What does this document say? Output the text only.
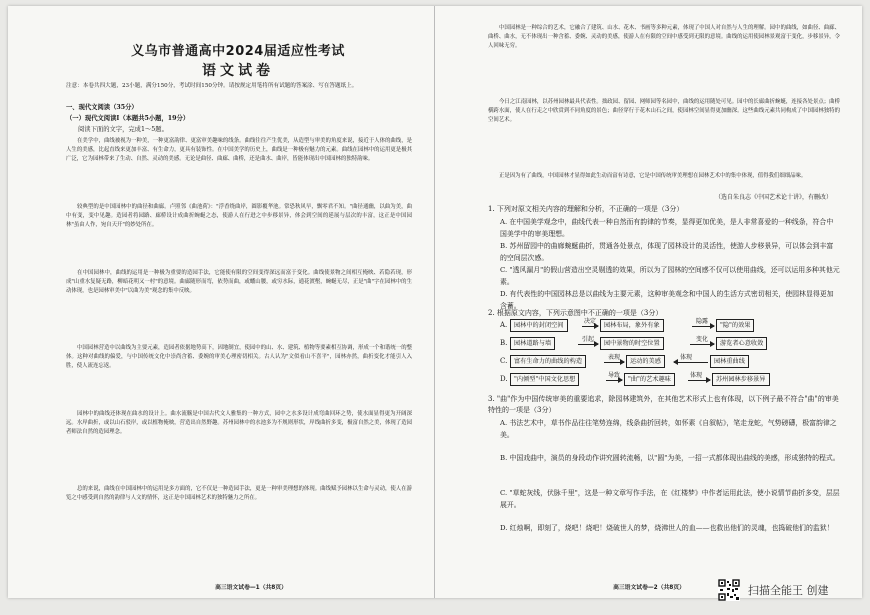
义乌市普通高中2024届适应性考试
语文试卷
注意：本卷共四大题，23小题，满分150分，考试时间150分钟。请按规定用笔将所有试题的答案涂、写在答题纸上。
一、现代文阅读（35分）
（一）现代文阅读Ⅰ（本题共5小题，19分）
阅读下面的文字，完成1～5题。
在美学中，曲线被视为一种美，一种更富韵律、更富审美趣味的线条。曲线往往产生优美，从造型与审美的角度来说，接近于人体的曲线，是人生的美感，比起直线来更加丰富、有生命力，更具有装饰性。在中国美学的历史上，曲线是一种极有魅力的元素。曲线在园林中的运用更是极其广泛，它为园林带来了生动、自然、灵动的美感。无论是曲径、曲廊、曲桥，还是曲水、曲岸，皆能体现出中国园林的独特韵味。
较典型的是中国园林中的曲径和曲廊。卢照邻《曲池荷》："浮香绕曲岸，圆影覆华池。常恐秋风早，飘零君不知。"曲径通幽，以曲为美，曲中有变，变中见趣。造园者将园路、廊桥设计成曲折蜿蜒之态，使游人在行进之中步移景异，体会到空间的延展与层次的丰富，这正是中国园林"虽由人作，宛自天开"的妙处所在。
在中国园林中，曲线的运用是一种极为重要的造园手法，它能使有限的空间变得深远而富于变化。曲线使景物之间相互掩映、若隐若现，形成"山重水复疑无路，柳暗花明又一村"的意境。曲廊随形而弯，依势而曲，或蟠山腰，或穷水际，通花渡壑，蜿蜒无尽，正是"曲"字在园林中的生动体现，也是园林审美中"以曲为美"观念的集中反映。
中国园林营造中以曲线为主要元素，造园者依据地势高下，因地制宜，使园中的山、水、建筑、植物等要素相互协调，形成一个和谐统一的整体。这种对曲线的偏爱，与中国传统文化中崇尚含蓄、委婉的审美心理密切相关。古人认为"文似看山不喜平"，园林亦然，曲折变化才能引人入胜，使人流连忘返。
园林中的曲线还体现在曲水的设计上。曲水流觞是中国古代文人雅集的一种方式，园中之水多设计成弯曲回环之势，使水面显得更为开阔深远。水岸曲折，或以山石驳岸，或以植物掩映，营造出自然野趣。苏州园林中的水池多为不规则形状，岸线曲折多变，极富自然之美，体现了造园者师法自然的造园理念。
总的来说，曲线在中国园林中的运用是多方面的，它不仅是一种造园手法，更是一种审美理想的体现。曲线赋予园林以生命与灵动，使人在游览之中感受到自然的韵律与人文的情怀，这正是中国园林艺术的独特魅力之所在。
高三语文试卷—1（共8页）
中国园林是一种综合的艺术，它融合了建筑、山水、花木、书画等多种元素，体现了中国人对自然与人生的理解。园中的曲线，如曲径、曲廊、曲桥、曲水，无不体现出一种含蓄、委婉、灵动的美感，使游人在有限的空间中感受到无限的意境。曲线的运用使园林景观富于变化，步移景异，令人回味无穷。
今日之江南园林，以苏州园林最具代表性。拙政园、留园、网师园等名园中，曲线的运用随处可见。园中的长廊曲折蜿蜒，连接各处景点；曲桥横跨水面，使人在行走之中欣赏到不同角度的景色；曲径穿行于花木山石之间，使园林空间显得更加幽深。这些曲线元素共同构成了中国园林独特的空间艺术。
正是因为有了曲线，中国园林才显得如此生动而富有诗意，它是中国传统审美理想在园林艺术中的集中体现，值得我们细细品味。
（选自朱良志《中国艺术论十讲》，有删改）
1. 下列对原文相关内容的理解和分析，不正确的一项是（3分）
A. 在中国美学观念中，曲线代表一种自然而有韵律的节奏，显得更加优美，是人非常喜爱的一种线条，符合中国美学中的审美理想。
B. 苏州留园中的曲廊蜿蜒曲折，贯通各处景点，体现了园林设计的灵活性，使游人步移景异，可以体会到丰富的空间层次感。
C. "透风漏月"的假山营造出空灵剔透的效果，所以为了园林的空间感不仅可以使用曲线，还可以运用多种其他元素。
D. 有代表性的中国园林总是以曲线为主要元素，这种审美观念和中国人的生活方式密切相关，使园林显得更加含蓄。
2. 根据原文内容，下列示意图中不正确的一项是（3分）
A.	园林中的封闭空间
决定
园林布局，象外有象
隐露
"隐"的效果
B.	园林道路与墙
引起
园中景物的时空位置
变化
游览者心意收敛
C.	富有生命力的曲线的构造
表现
运动的美感
体现
园林重曲线
D.	"内倾型"中国文化思想
导致
"曲"的艺术趣味
体现
苏州园林步移景异
3. "曲"作为中国传统审美的重要追求，除园林建筑外，在其他艺术形式上也有体现，以下例子最不符合"曲"的审美特性的一项是（3分）
A. 书法艺术中，草书作品往往笔势连绵，线条曲折回转，如怀素《自叙帖》，笔走龙蛇，气势磅礴，极富韵律之美。
B. 中国戏曲中，演员的身段动作讲究圆转流畅，以"圆"为美，一招一式都体现出曲线的美感，形成独特的程式。
C. "草蛇灰线，伏脉千里"，这是一种文章写作手法，在《红楼梦》中作者运用此法，使小说情节曲折多变，层层展开。
D. 红烛啊，即刻了，烧吧！烧吧！烧破世人的梦，烧沸世人的血——也救出他们的灵魂，也捣破他们的监狱！
高三语文试卷—2（共8页）	扫描全能王 创建
